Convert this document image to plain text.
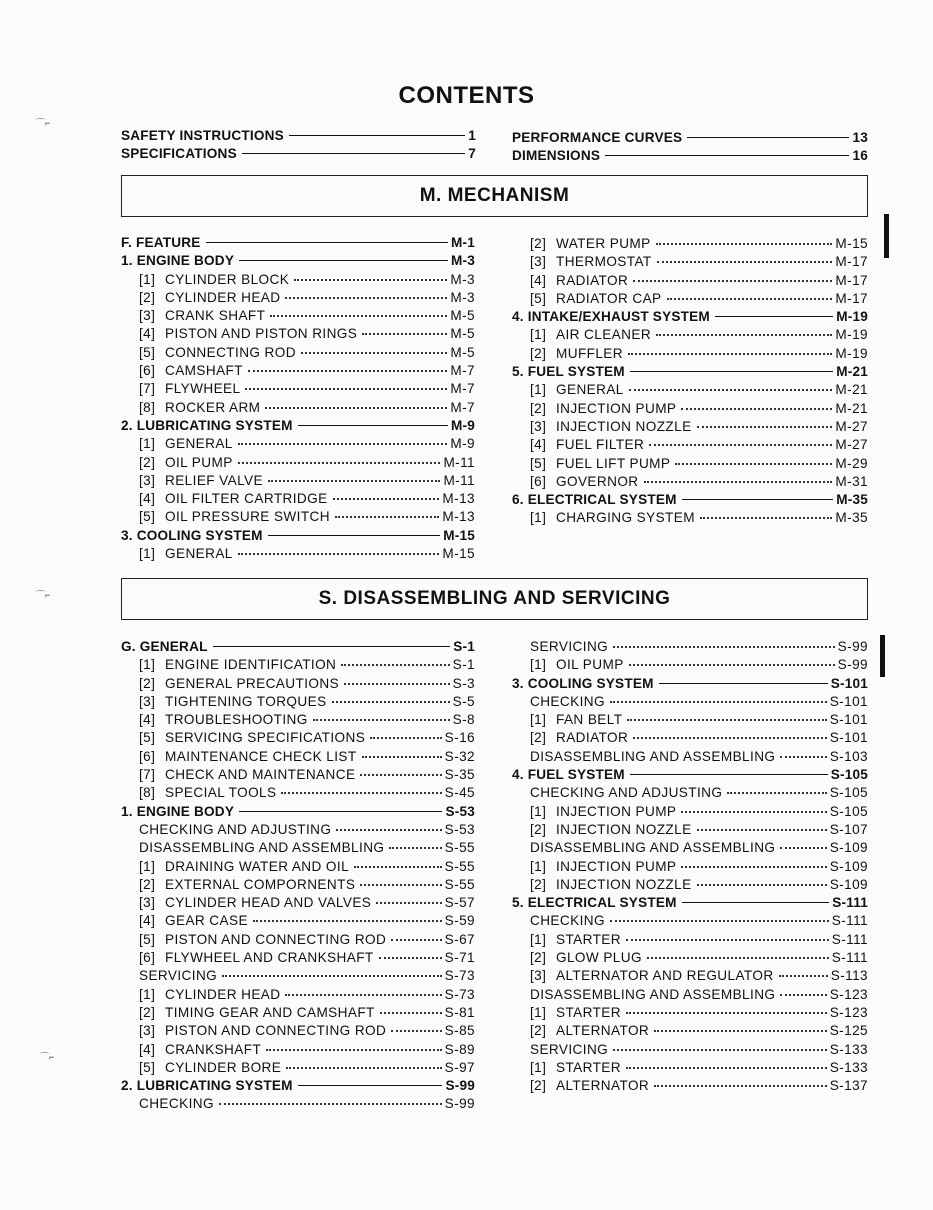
CONTENTS
SAFETY INSTRUCTIONS	1
SPECIFICATIONS	7
PERFORMANCE CURVES	13
DIMENSIONS	16
M. MECHANISM
F. FEATURE	M-1
1. ENGINE BODY	M-3
[1] CYLINDER BLOCK	M-3
[2] CYLINDER HEAD	M-3
[3] CRANK SHAFT	M-5
[4] PISTON AND PISTON RINGS	M-5
[5] CONNECTING ROD	M-5
[6] CAMSHAFT	M-7
[7] FLYWHEEL	M-7
[8] ROCKER ARM	M-7
2. LUBRICATING SYSTEM	M-9
[1] GENERAL	M-9
[2] OIL PUMP	M-11
[3] RELIEF VALVE	M-11
[4] OIL FILTER CARTRIDGE	M-13
[5] OIL PRESSURE SWITCH	M-13
3. COOLING SYSTEM	M-15
[1] GENERAL	M-15
[2] WATER PUMP	M-15
[3] THERMOSTAT	M-17
[4] RADIATOR	M-17
[5] RADIATOR CAP	M-17
4. INTAKE/EXHAUST SYSTEM	M-19
[1] AIR CLEANER	M-19
[2] MUFFLER	M-19
5. FUEL SYSTEM	M-21
[1] GENERAL	M-21
[2] INJECTION PUMP	M-21
[3] INJECTION NOZZLE	M-27
[4] FUEL FILTER	M-27
[5] FUEL LIFT PUMP	M-29
[6] GOVERNOR	M-31
6. ELECTRICAL SYSTEM	M-35
[1] CHARGING SYSTEM	M-35
S. DISASSEMBLING AND SERVICING
G. GENERAL	S-1
[1] ENGINE IDENTIFICATION	S-1
[2] GENERAL PRECAUTIONS	S-3
[3] TIGHTENING TORQUES	S-5
[4] TROUBLESHOOTING	S-8
[5] SERVICING SPECIFICATIONS	S-16
[6] MAINTENANCE CHECK LIST	S-32
[7] CHECK AND MAINTENANCE	S-35
[8] SPECIAL TOOLS	S-45
1. ENGINE BODY	S-53
CHECKING AND ADJUSTING	S-53
DISASSEMBLING AND ASSEMBLING	S-55
[1] DRAINING WATER AND OIL	S-55
[2] EXTERNAL COMPORNENTS	S-55
[3] CYLINDER HEAD AND VALVES	S-57
[4] GEAR CASE	S-59
[5] PISTON AND CONNECTING ROD	S-67
[6] FLYWHEEL AND CRANKSHAFT	S-71
SERVICING	S-73
[1] CYLINDER HEAD	S-73
[2] TIMING GEAR AND CAMSHAFT	S-81
[3] PISTON AND CONNECTING ROD	S-85
[4] CRANKSHAFT	S-89
[5] CYLINDER BORE	S-97
2. LUBRICATING SYSTEM	S-99
CHECKING	S-99
SERVICING	S-99
[1] OIL PUMP	S-99
3. COOLING SYSTEM	S-101
CHECKING	S-101
[1] FAN BELT	S-101
[2] RADIATOR	S-101
DISASSEMBLING AND ASSEMBLING	S-103
4. FUEL SYSTEM	S-105
CHECKING AND ADJUSTING	S-105
[1] INJECTION PUMP	S-105
[2] INJECTION NOZZLE	S-107
DISASSEMBLING AND ASSEMBLING	S-109
[1] INJECTION PUMP	S-109
[2] INJECTION NOZZLE	S-109
5. ELECTRICAL SYSTEM	S-111
CHECKING	S-111
[1] STARTER	S-111
[2] GLOW PLUG	S-111
[3] ALTERNATOR AND REGULATOR	S-113
DISASSEMBLING AND ASSEMBLING	S-123
[1] STARTER	S-123
[2] ALTERNATOR	S-125
SERVICING	S-133
[1] STARTER	S-133
[2] ALTERNATOR	S-137
⌒⌐
⌒⌐
⌒⌐
